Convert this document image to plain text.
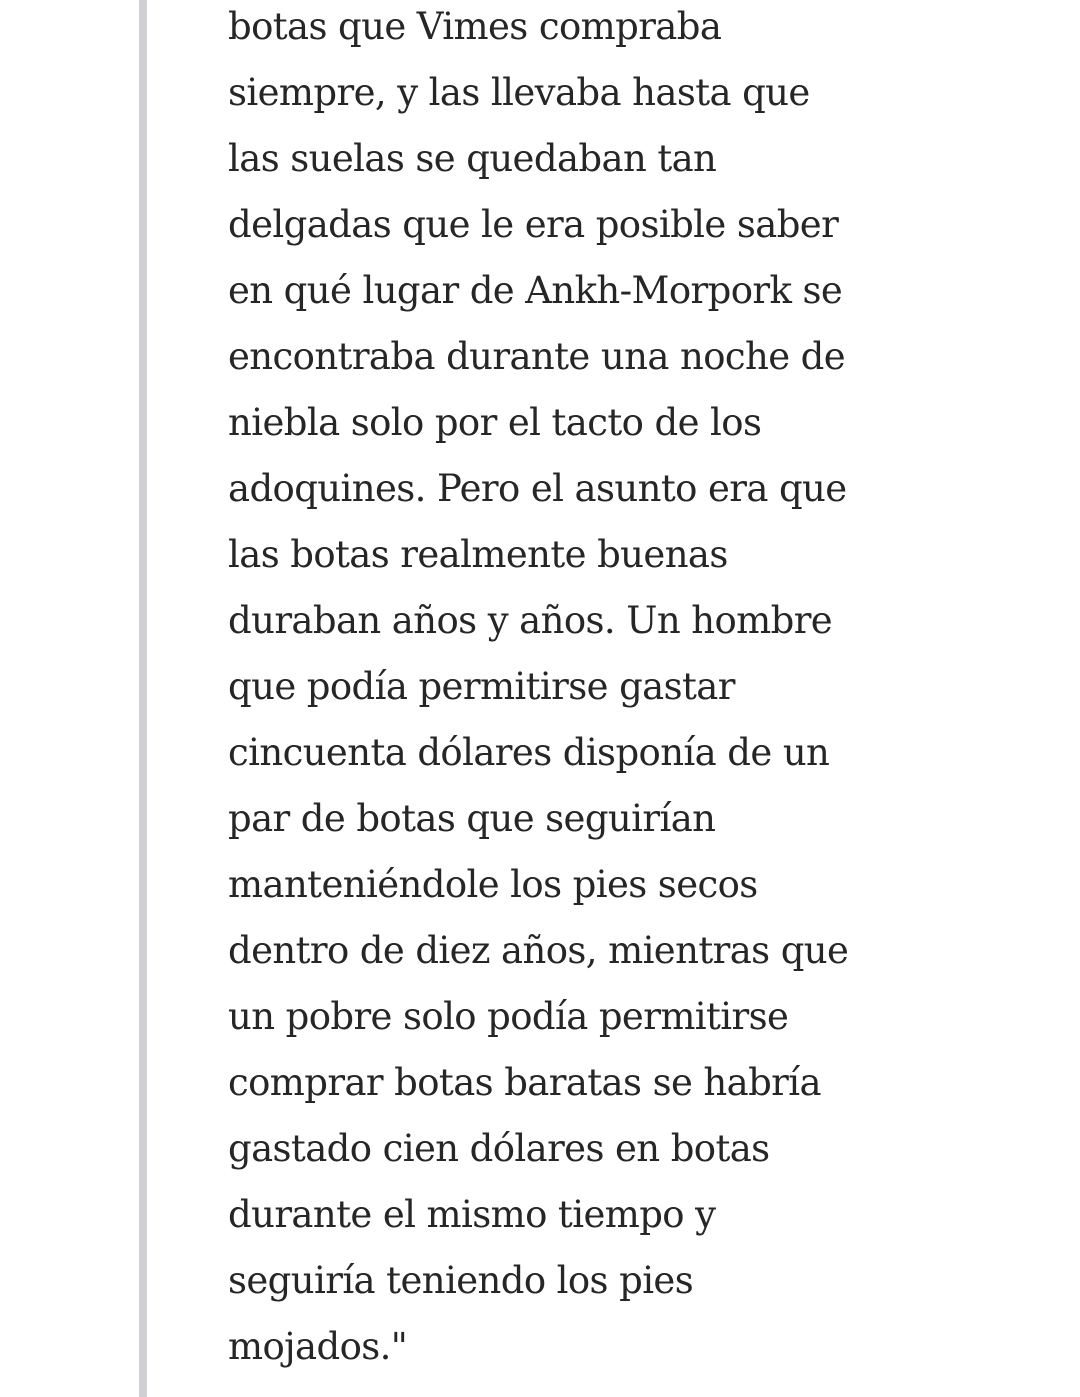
botas que Vimes compraba
siempre, y las llevaba hasta que
las suelas se quedaban tan
delgadas que le era posible saber
en qué lugar de Ankh-Morpork se
encontraba durante una noche de
niebla solo por el tacto de los
adoquines. Pero el asunto era que
las botas realmente buenas
duraban años y años. Un hombre
que podía permitirse gastar
cincuenta dólares disponía de un
par de botas que seguirían
manteniéndole los pies secos
dentro de diez años, mientras que
un pobre solo podía permitirse
comprar botas baratas se habría
gastado cien dólares en botas
durante el mismo tiempo y
seguiría teniendo los pies
mojados."
